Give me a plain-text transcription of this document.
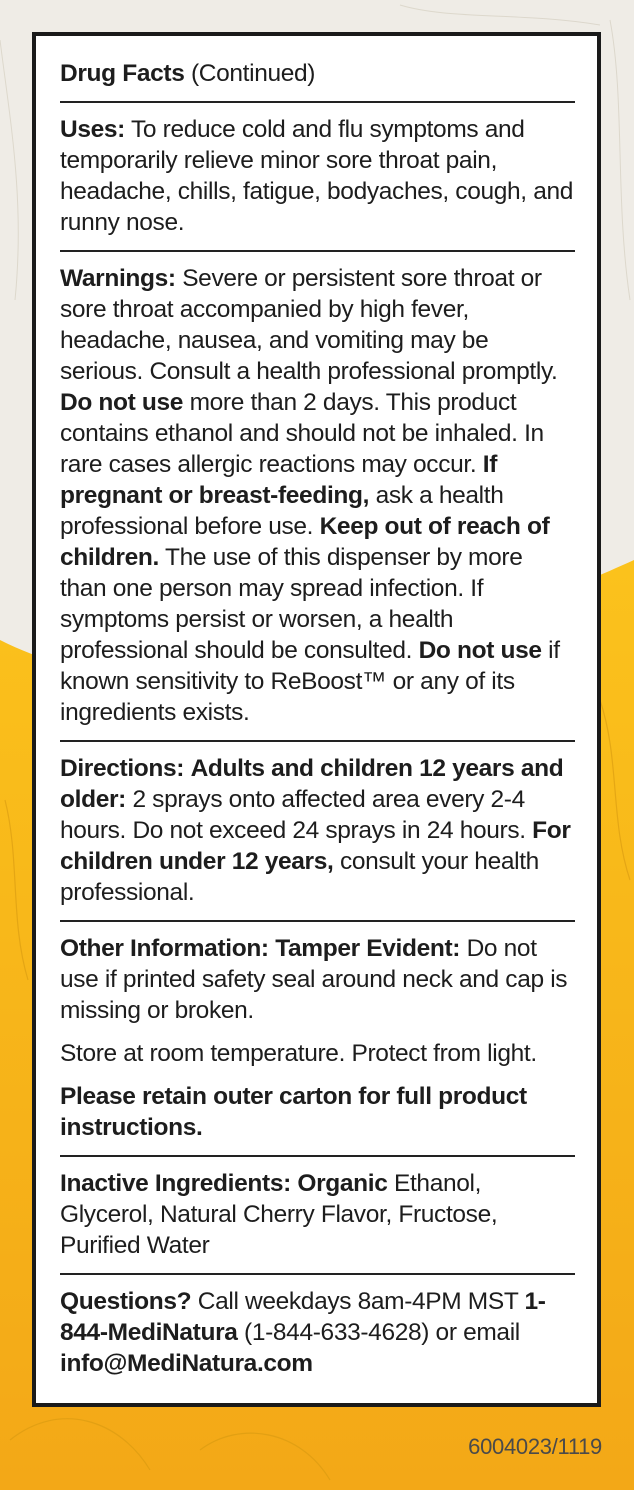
Drug Facts (Continued)

Uses: To reduce cold and flu symptoms and temporarily relieve minor sore throat pain, headache, chills, fatigue, bodyaches, cough, and runny nose.

Warnings: Severe or persistent sore throat or sore throat accompanied by high fever, headache, nausea, and vomiting may be serious. Consult a health professional promptly. Do not use more than 2 days. This product contains ethanol and should not be inhaled. In rare cases allergic reactions may occur. If pregnant or breast-feeding, ask a health professional before use. Keep out of reach of children. The use of this dispenser by more than one person may spread infection. If symptoms persist or worsen, a health professional should be consulted. Do not use if known sensitivity to ReBoost™ or any of its ingredients exists.

Directions: Adults and children 12 years and older: 2 sprays onto affected area every 2-4 hours. Do not exceed 24 sprays in 24 hours. For children under 12 years, consult your health professional.

Other Information: Tamper Evident: Do not use if printed safety seal around neck and cap is missing or broken.

Store at room temperature. Protect from light.

Please retain outer carton for full product instructions.

Inactive Ingredients: Organic Ethanol, Glycerol, Natural Cherry Flavor, Fructose, Purified Water

Questions? Call weekdays 8am-4PM MST 1-844-MediNatura (1-844-633-4628) or email info@MediNatura.com

6004023/1119
